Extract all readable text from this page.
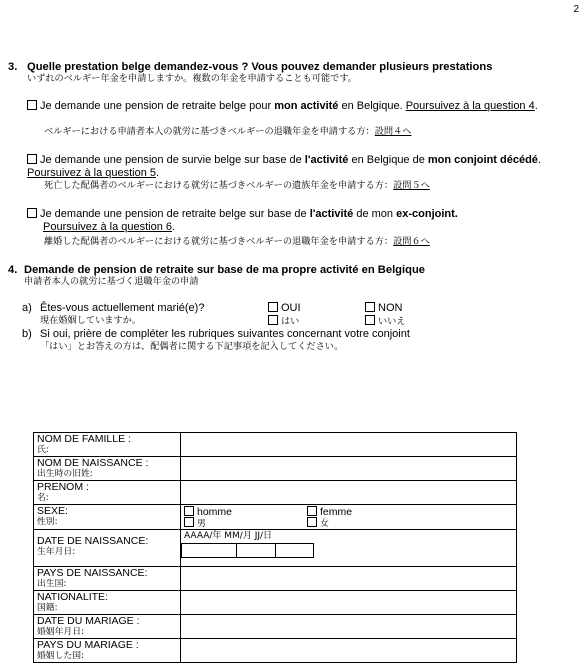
2
3. Quelle prestation belge demandez-vous ? Vous pouvez demander plusieurs prestations
いずれのベルギー年金を申請しますか。複数の年金を申請することも可能です。
Je demande une pension de retraite belge pour mon activité en Belgique. Poursuivez à la question 4.
ベルギーにおける申請者本人の就労に基づきベルギーの退職年金を申請する方：設問４へ
Je demande une pension de survie belge sur base de l'activité en Belgique de mon conjoint décédé. Poursuivez à la question 5.
死亡した配偶者のベルギーにおける就労に基づきベルギーの遺族年金を申請する方：設問５へ
Je demande une pension de retraite belge sur base de l'activité de mon ex-conjoint.
Poursuivez à la question 6.
離婚した配偶者のベルギーにおける就労に基づきベルギーの退職年金を申請する方：設問６へ
4. Demande de pension de retraite sur base de ma propre activité en Belgique
申請者本人の就労に基づく退職年金の申請
a) Êtes-vous actuellement marié(e)?
現在婚姻していますか。
OUI
はい
NON
いいえ
b) Si oui, prière de compléter les rubriques suivantes concernant votre conjoint
「はい」とお答えの方は、配偶者に関する下記事項を記入してください。
NOM DE FAMILLE :
氏:

NOM DE NAISSANCE :
出生時の旧姓:

PRENOM :
名:

SEXE:
性別:

homme
男
femme
女

DATE DE NAISSANCE:
生年月日:

AAAA/年 MM/月 JJ/日

PAYS DE NAISSANCE:
出生国:

NATIONALITE:
国籍:

DATE DU MARIAGE :
婚姻年月日:

PAYS DU MARIAGE :
婚姻した国:
